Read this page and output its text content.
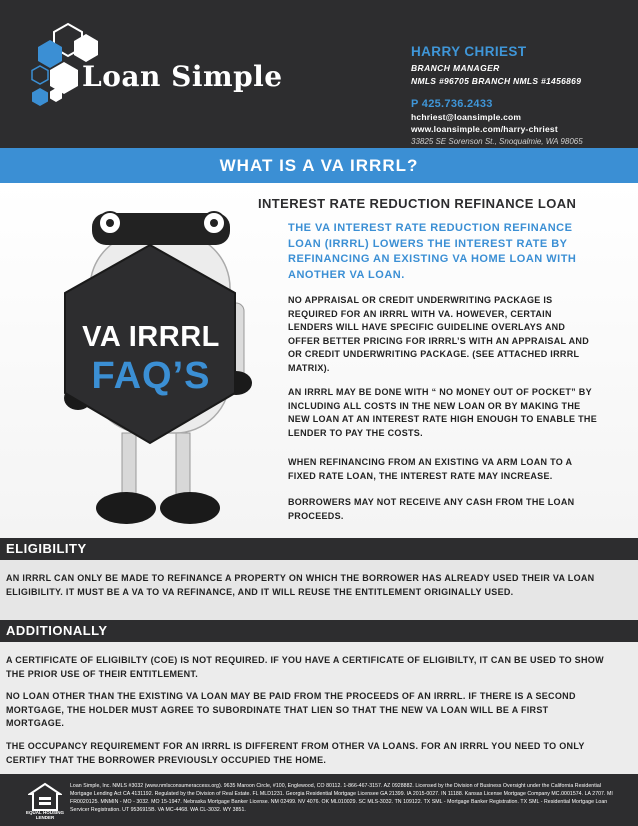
Loan Simple
HARRY CHRIEST
BRANCH MANAGER
NMLS #96705 BRANCH NMLS #1456869
P 425.736.2433
hchriest@loansimple.com
www.loansimple.com/harry-chriest
33825 SE Sorenson St., Snoqualmie, WA 98065
WHAT IS A VA IRRRL?
VA IRRRL
FAQ’S
INTEREST RATE REDUCTION REFINANCE LOAN
THE VA INTEREST RATE REDUCTION REFINANCE LOAN (IRRRL) LOWERS THE INTEREST RATE BY REFINANCING AN EXISTING VA HOME LOAN WITH ANOTHER VA LOAN.
NO APPRAISAL OR CREDIT UNDERWRITING PACKAGE IS REQUIRED FOR AN IRRRL WITH VA. HOWEVER, CERTAIN LENDERS WILL HAVE SPECIFIC GUIDELINE OVERLAYS AND OFFER BETTER PRICING FOR IRRRL’S WITH AN APPRAISAL AND OR CREDIT UNDERWRITING PACKAGE. (SEE ATTACHED IRRRL MATRIX).
AN IRRRL MAY BE DONE WITH “ NO MONEY OUT OF POCKET” BY INCLUDING ALL COSTS IN THE NEW LOAN OR BY MAKING THE NEW LOAN AT AN INTEREST RATE HIGH ENOUGH TO ENABLE THE LENDER TO PAY THE COSTS.
WHEN REFINANCING FROM AN EXISTING VA ARM LOAN TO A FIXED RATE LOAN, THE INTEREST RATE MAY INCREASE.
BORROWERS MAY NOT RECEIVE ANY CASH FROM THE LOAN PROCEEDS.
ELIGIBILITY
AN IRRRL CAN ONLY BE MADE TO REFINANCE A PROPERTY ON WHICH THE BORROWER HAS ALREADY USED THEIR VA LOAN ELIGIBILITY. IT MUST BE A VA TO VA REFINANCE, AND IT WILL REUSE THE ENTITLEMENT ORIGINALLY USED.
ADDITIONALLY
A CERTIFICATE OF ELIGIBILTY (COE) IS NOT REQUIRED. IF YOU HAVE A CERTIFICATE OF ELIGIBILTY, IT CAN BE USED TO SHOW THE PRIOR USE OF THEIR ENTITLEMENT.
NO LOAN OTHER THAN THE EXISTING VA LOAN MAY BE PAID FROM THE PROCEEDS OF AN IRRRL. IF THERE IS A SECOND MORTGAGE, THE HOLDER MUST AGREE TO SUBORDINATE THAT LIEN SO THAT THE NEW VA LOAN WILL BE A FIRST MORTGAGE.
THE OCCUPANCY REQUIREMENT FOR AN IRRRL IS DIFFERENT FROM OTHER VA LOANS. FOR AN IRRRL YOU NEED TO ONLY CERTIFY THAT THE BORROWER PREVIOUSLY OCCUPIED THE HOME.
EQUAL HOUSING LENDER
Loan Simple, Inc. NMLS #3032 (www.nmlsconsumeraccess.org). 9635 Maroon Circle, #100, Englewood, CO 80112. 1-866-467-3157. AZ 0928882. Licensed by the Division of Business Oversight under the California Residential Mortgage Lending Act CA 4131192. Regulated by the Division of Real Estate. FL MLD1231. Georgia Residential Mortgage Licensee GA 21399. IA 2015-0027. IN 11188. Kansas License Mortgage Company MC.0001574. LA 2707. MI FR0020125. MNMIN - MO - 3032. MO 15-1947. Nebraska Mortgage Banker License. NM 02499. NV 4076. OK ML010029. SC MLS-3032. TN 109122. TX SML - Mortgage Banker Registration. TX SML - Residential Mortgage Loan Servicer Registration. UT 9536915B. VA MC-4468. WA CL-3032. WY 3851.
